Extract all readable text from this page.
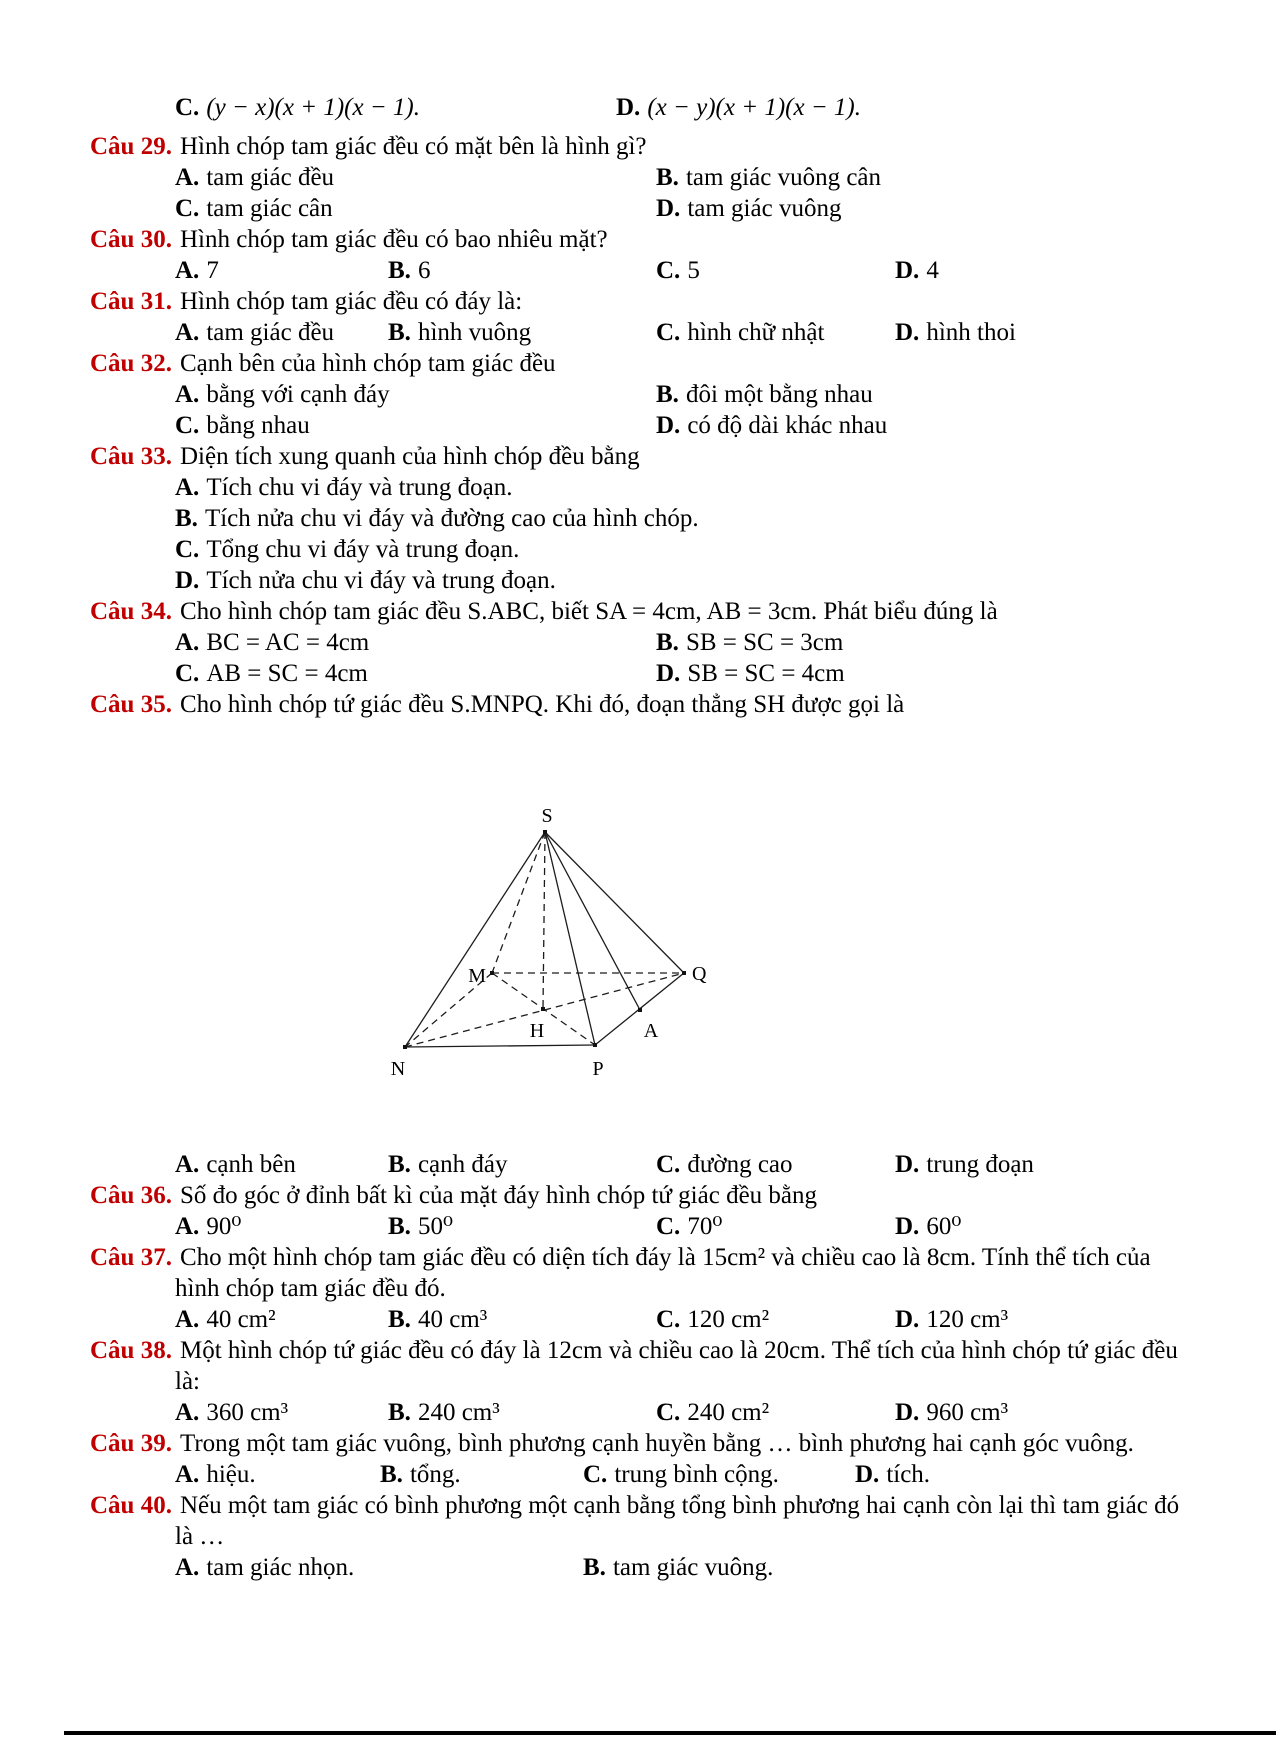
C. (y − x)(x + 1)(x − 1).	D. (x − y)(x + 1)(x − 1).
Câu 29. Hình chóp tam giác đều có mặt bên là hình gì?
A. tam giác đều	B. tam giác vuông cân
C. tam giác cân	D. tam giác vuông
Câu 30. Hình chóp tam giác đều có bao nhiêu mặt?
A. 7	B. 6	C. 5	D. 4
Câu 31. Hình chóp tam giác đều có đáy là:
A. tam giác đều	B. hình vuông	C. hình chữ nhật	D. hình thoi
Câu 32. Cạnh bên của hình chóp tam giác đều
A. bằng với cạnh đáy	B. đôi một bằng nhau
C. bằng nhau	D. có độ dài khác nhau
Câu 33. Diện tích xung quanh của hình chóp đều bằng
A. Tích chu vi đáy và trung đoạn.
B. Tích nửa chu vi đáy và đường cao của hình chóp.
C. Tổng chu vi đáy và trung đoạn.
D. Tích nửa chu vi đáy và trung đoạn.
Câu 34. Cho hình chóp tam giác đều S.ABC, biết SA = 4cm, AB = 3cm. Phát biểu đúng là
A. BC = AC = 4cm	B. SB = SC = 3cm
C. AB = SC = 4cm	D. SB = SC = 4cm
Câu 35. Cho hình chóp tứ giác đều S.MNPQ. Khi đó, đoạn thẳng SH được gọi là
S
M	Q
H	A
N	P
A. cạnh bên	B. cạnh đáy	C. đường cao	D. trung đoạn
Câu 36. Số đo góc ở đỉnh bất kì của mặt đáy hình chóp tứ giác đều bằng
A. 90⁰	B. 50⁰	C. 70⁰	D. 60⁰
Câu 37. Cho một hình chóp tam giác đều có diện tích đáy là 15cm² và chiều cao là 8cm. Tính thể tích của hình chóp tam giác đều đó.
A. 40 cm²	B. 40 cm³	C. 120 cm²	D. 120 cm³
Câu 38. Một hình chóp tứ giác đều có đáy là 12cm và chiều cao là 20cm. Thể tích của hình chóp tứ giác đều là:
A. 360 cm³	B. 240 cm³	C. 240 cm²	D. 960 cm³
Câu 39. Trong một tam giác vuông, bình phương cạnh huyền bằng … bình phương hai cạnh góc vuông.
A. hiệu.	B. tổng.	C. trung bình cộng.	D. tích.
Câu 40. Nếu một tam giác có bình phương một cạnh bằng tổng bình phương hai cạnh còn lại thì tam giác đó là …
A. tam giác nhọn.	B. tam giác vuông.
